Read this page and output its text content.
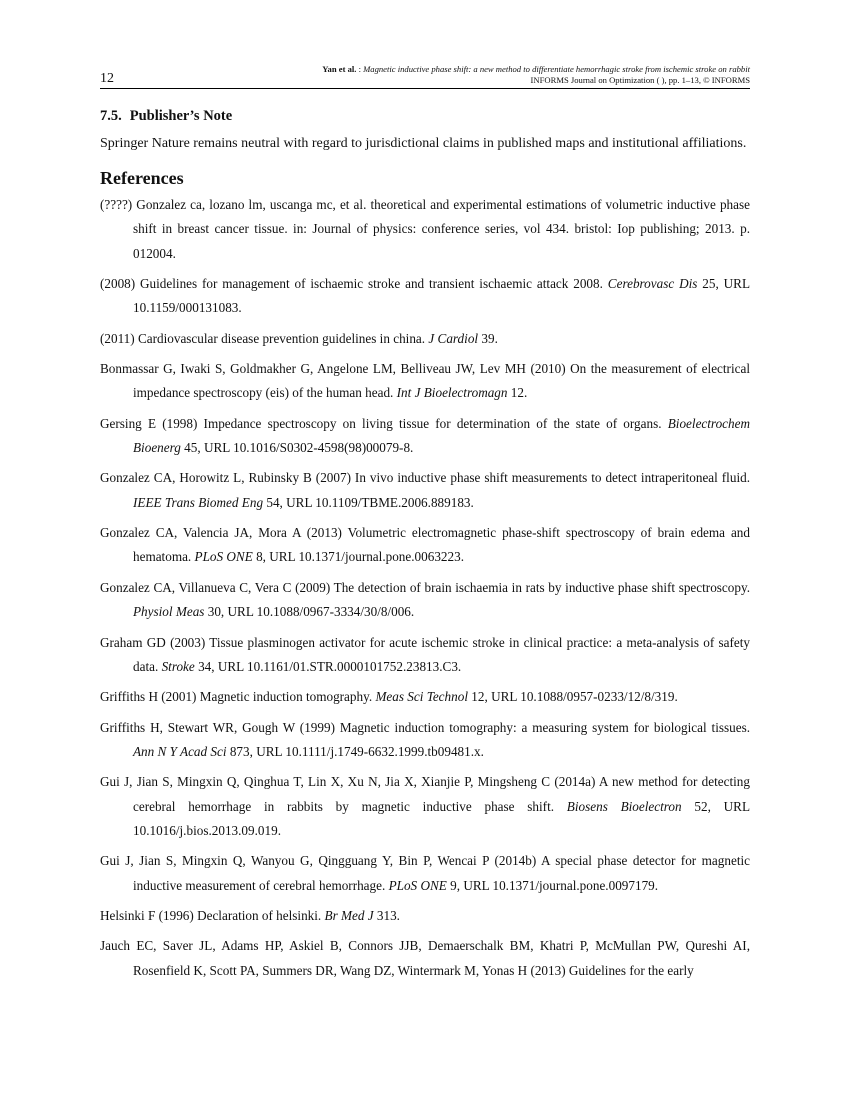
12
Yan et al. : Magnetic inductive phase shift: a new method to differentiate hemorrhagic stroke from ischemic stroke on rabbit
INFORMS Journal on Optimization ( ), pp. 1–13, © INFORMS
7.5. Publisher’s Note
Springer Nature remains neutral with regard to jurisdictional claims in published maps and institutional affiliations.
References
(????) Gonzalez ca, lozano lm, uscanga mc, et al. theoretical and experimental estimations of volumetric inductive phase shift in breast cancer tissue. in: Journal of physics: conference series, vol 434. bristol: Iop publishing; 2013. p. 012004.
(2008) Guidelines for management of ischaemic stroke and transient ischaemic attack 2008. Cerebrovasc Dis 25, URL 10.1159/000131083.
(2011) Cardiovascular disease prevention guidelines in china. J Cardiol 39.
Bonmassar G, Iwaki S, Goldmakher G, Angelone LM, Belliveau JW, Lev MH (2010) On the measurement of electrical impedance spectroscopy (eis) of the human head. Int J Bioelectromagn 12.
Gersing E (1998) Impedance spectroscopy on living tissue for determination of the state of organs. Bioelectrochem Bioenerg 45, URL 10.1016/S0302-4598(98)00079-8.
Gonzalez CA, Horowitz L, Rubinsky B (2007) In vivo inductive phase shift measurements to detect intraperitoneal fluid. IEEE Trans Biomed Eng 54, URL 10.1109/TBME.2006.889183.
Gonzalez CA, Valencia JA, Mora A (2013) Volumetric electromagnetic phase-shift spectroscopy of brain edema and hematoma. PLoS ONE 8, URL 10.1371/journal.pone.0063223.
Gonzalez CA, Villanueva C, Vera C (2009) The detection of brain ischaemia in rats by inductive phase shift spectroscopy. Physiol Meas 30, URL 10.1088/0967-3334/30/8/006.
Graham GD (2003) Tissue plasminogen activator for acute ischemic stroke in clinical practice: a meta-analysis of safety data. Stroke 34, URL 10.1161/01.STR.0000101752.23813.C3.
Griffiths H (2001) Magnetic induction tomography. Meas Sci Technol 12, URL 10.1088/0957-0233/12/8/319.
Griffiths H, Stewart WR, Gough W (1999) Magnetic induction tomography: a measuring system for biological tissues. Ann N Y Acad Sci 873, URL 10.1111/j.1749-6632.1999.tb09481.x.
Gui J, Jian S, Mingxin Q, Qinghua T, Lin X, Xu N, Jia X, Xianjie P, Mingsheng C (2014a) A new method for detecting cerebral hemorrhage in rabbits by magnetic inductive phase shift. Biosens Bioelectron 52, URL 10.1016/j.bios.2013.09.019.
Gui J, Jian S, Mingxin Q, Wanyou G, Qingguang Y, Bin P, Wencai P (2014b) A special phase detector for magnetic inductive measurement of cerebral hemorrhage. PLoS ONE 9, URL 10.1371/journal.pone.0097179.
Helsinki F (1996) Declaration of helsinki. Br Med J 313.
Jauch EC, Saver JL, Adams HP, Askiel B, Connors JJB, Demaerschalk BM, Khatri P, McMullan PW, Qureshi AI, Rosenfield K, Scott PA, Summers DR, Wang DZ, Wintermark M, Yonas H (2013) Guidelines for the early
